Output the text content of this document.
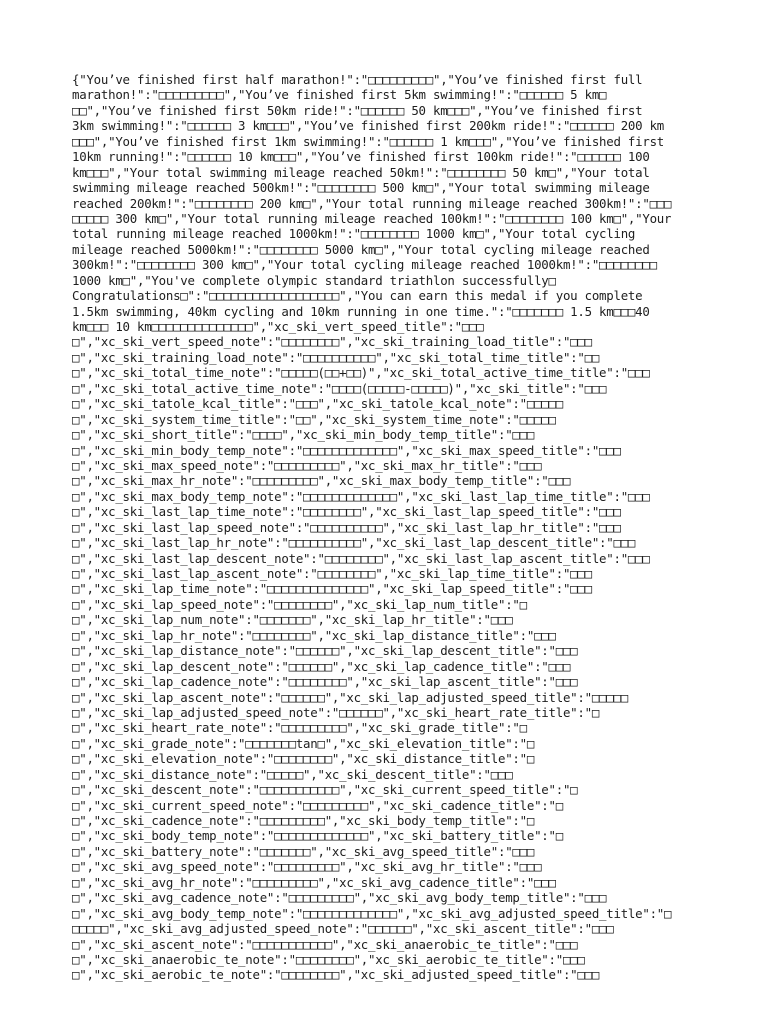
{"You’ve finished first half marathon!":"□□□□□□□□□","You’ve finished first full
marathon!":"□□□□□□□□□","You’ve finished first 5km swimming!":"□□□□□□ 5 km□
□□","You’ve finished first 50km ride!":"□□□□□□ 50 km□□□","You’ve finished first
3km swimming!":"□□□□□□ 3 km□□□","You’ve finished first 200km ride!":"□□□□□□ 200 km
□□□","You’ve finished first 1km swimming!":"□□□□□□ 1 km□□□","You’ve finished first
10km running!":"□□□□□□ 10 km□□□","You’ve finished first 100km ride!":"□□□□□□ 100
km□□□","Your total swimming mileage reached 50km!":"□□□□□□□□ 50 km□","Your total
swimming mileage reached 500km!":"□□□□□□□□ 500 km□","Your total swimming mileage
reached 200km!":"□□□□□□□□ 200 km□","Your total running mileage reached 300km!":"□□□
□□□□□ 300 km□","Your total running mileage reached 100km!":"□□□□□□□□ 100 km□","Your
total running mileage reached 1000km!":"□□□□□□□□ 1000 km□","Your total cycling
mileage reached 5000km!":"□□□□□□□□ 5000 km□","Your total cycling mileage reached
300km!":"□□□□□□□□ 300 km□","Your total cycling mileage reached 1000km!":"□□□□□□□□
1000 km□","You've complete olympic standard triathlon successfully□
Congratulations□":"□□□□□□□□□□□□□□□□□□","You can earn this medal if you complete
1.5km swimming, 40km cycling and 10km running in one time.":"□□□□□□□ 1.5 km□□□40
km□□□ 10 km□□□□□□□□□□□□□□","xc_ski_vert_speed_title":"□□□
□","xc_ski_vert_speed_note":"□□□□□□□□","xc_ski_training_load_title":"□□□
□","xc_ski_training_load_note":"□□□□□□□□□□","xc_ski_total_time_title":"□□
□","xc_ski_total_time_note":"□□□□□(□□+□□)","xc_ski_total_active_time_title":"□□□
□","xc_ski_total_active_time_note":"□□□□(□□□□□-□□□□□)","xc_ski_title":"□□□
□","xc_ski_tatole_kcal_title":"□□□","xc_ski_tatole_kcal_note":"□□□□□
□","xc_ski_system_time_title":"□□","xc_ski_system_time_note":"□□□□□
□","xc_ski_short_title":"□□□□","xc_ski_min_body_temp_title":"□□□
□","xc_ski_min_body_temp_note":"□□□□□□□□□□□□□","xc_ski_max_speed_title":"□□□
□","xc_ski_max_speed_note":"□□□□□□□□□","xc_ski_max_hr_title":"□□□
□","xc_ski_max_hr_note":"□□□□□□□□□","xc_ski_max_body_temp_title":"□□□
□","xc_ski_max_body_temp_note":"□□□□□□□□□□□□□","xc_ski_last_lap_time_title":"□□□
□","xc_ski_last_lap_time_note":"□□□□□□□□","xc_ski_last_lap_speed_title":"□□□
□","xc_ski_last_lap_speed_note":"□□□□□□□□□□","xc_ski_last_lap_hr_title":"□□□
□","xc_ski_last_lap_hr_note":"□□□□□□□□□□","xc_ski_last_lap_descent_title":"□□□
□","xc_ski_last_lap_descent_note":"□□□□□□□□","xc_ski_last_lap_ascent_title":"□□□
□","xc_ski_last_lap_ascent_note":"□□□□□□□□","xc_ski_lap_time_title":"□□□
□","xc_ski_lap_time_note":"□□□□□□□□□□□□□□","xc_ski_lap_speed_title":"□□□
□","xc_ski_lap_speed_note":"□□□□□□□□","xc_ski_lap_num_title":"□
□","xc_ski_lap_num_note":"□□□□□□□","xc_ski_lap_hr_title":"□□□
□","xc_ski_lap_hr_note":"□□□□□□□□","xc_ski_lap_distance_title":"□□□
□","xc_ski_lap_distance_note":"□□□□□□","xc_ski_lap_descent_title":"□□□
□","xc_ski_lap_descent_note":"□□□□□□","xc_ski_lap_cadence_title":"□□□
□","xc_ski_lap_cadence_note":"□□□□□□□□","xc_ski_lap_ascent_title":"□□□
□","xc_ski_lap_ascent_note":"□□□□□□","xc_ski_lap_adjusted_speed_title":"□□□□□
□","xc_ski_lap_adjusted_speed_note":"□□□□□□","xc_ski_heart_rate_title":"□
□","xc_ski_heart_rate_note":"□□□□□□□□□","xc_ski_grade_title":"□
□","xc_ski_grade_note":"□□□□□□□tan□","xc_ski_elevation_title":"□
□","xc_ski_elevation_note":"□□□□□□□□","xc_ski_distance_title":"□
□","xc_ski_distance_note":"□□□□□","xc_ski_descent_title":"□□□
□","xc_ski_descent_note":"□□□□□□□□□□□","xc_ski_current_speed_title":"□
□","xc_ski_current_speed_note":"□□□□□□□□□","xc_ski_cadence_title":"□
□","xc_ski_cadence_note":"□□□□□□□□□","xc_ski_body_temp_title":"□
□","xc_ski_body_temp_note":"□□□□□□□□□□□□□","xc_ski_battery_title":"□
□","xc_ski_battery_note":"□□□□□□□","xc_ski_avg_speed_title":"□□□
□","xc_ski_avg_speed_note":"□□□□□□□□□","xc_ski_avg_hr_title":"□□□
□","xc_ski_avg_hr_note":"□□□□□□□□□","xc_ski_avg_cadence_title":"□□□
□","xc_ski_avg_cadence_note":"□□□□□□□□□","xc_ski_avg_body_temp_title":"□□□
□","xc_ski_avg_body_temp_note":"□□□□□□□□□□□□□","xc_ski_avg_adjusted_speed_title":"□
□□□□□","xc_ski_avg_adjusted_speed_note":"□□□□□□","xc_ski_ascent_title":"□□□
□","xc_ski_ascent_note":"□□□□□□□□□□□","xc_ski_anaerobic_te_title":"□□□
□","xc_ski_anaerobic_te_note":"□□□□□□□□","xc_ski_aerobic_te_title":"□□□
□","xc_ski_aerobic_te_note":"□□□□□□□□","xc_ski_adjusted_speed_title":"□□□
